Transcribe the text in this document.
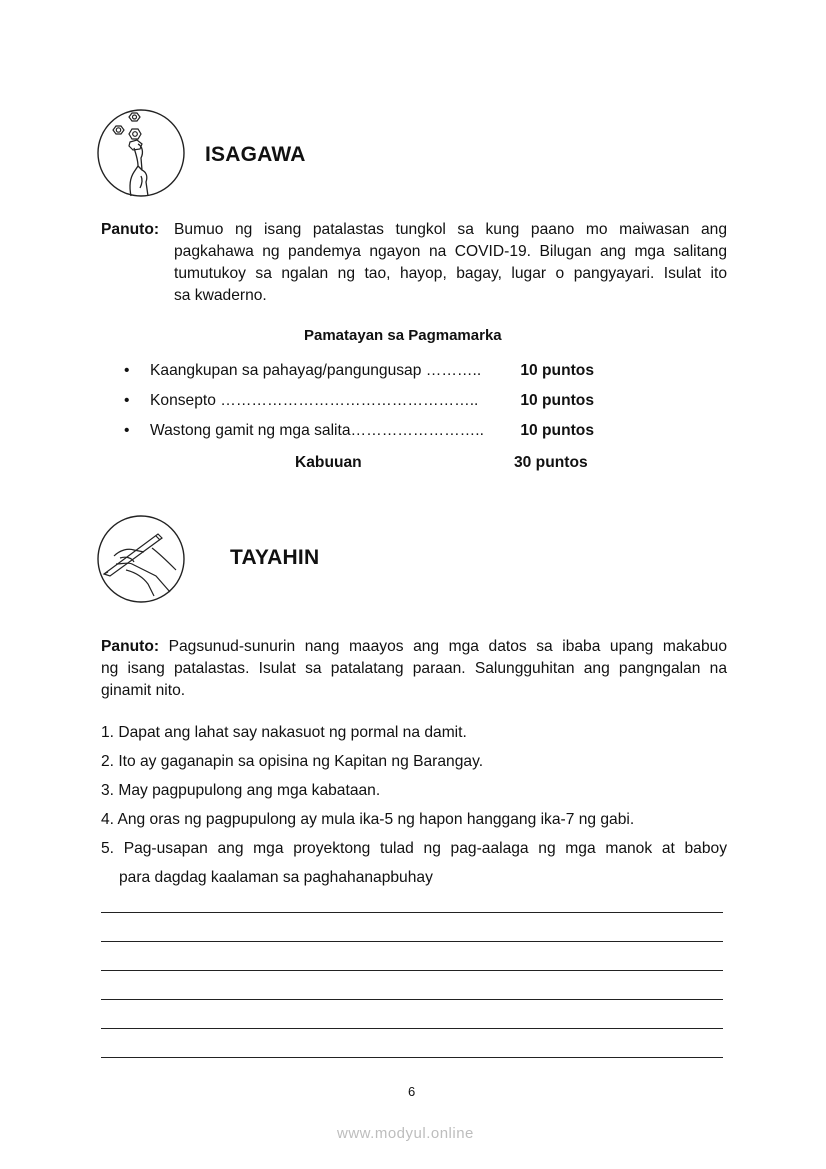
ISAGAWA
Panuto: Bumuo ng isang patalastas tungkol sa kung paano mo maiwasan ang
pagkahawa ng pandemya ngayon na COVID-19. Bilugan ang mga salitang
tumutukoy sa ngalan ng tao, hayop, bagay, lugar o pangyayari. Isulat ito
sa kwaderno.
Pamatayan sa Pagmamarka
• Kaangkupan sa pahayag/pangungusap ………..	10 puntos
• Konsepto …………………………………………..	10 puntos
• Wastong gamit ng mga salita…………………….. 10 puntos
Kabuuan	30 puntos
TAYAHIN
Panuto: Pagsunud-sunurin nang maayos ang mga datos sa ibaba upang makabuo
ng isang patalastas. Isulat sa patalatang paraan. Salungguhitan ang pangngalan na
ginamit nito.
1. Dapat ang lahat say nakasuot ng pormal na damit.
2. Ito ay gaganapin sa opisina ng Kapitan ng Barangay.
3. May pagpupulong ang mga kabataan.
4. Ang oras ng pagpupulong ay mula ika-5 ng hapon hanggang ika-7 ng gabi.
5. Pag-usapan ang mga proyektong tulad ng pag-aalaga ng mga manok at baboy
para dagdag kaalaman sa paghahanapbuhay
6
www.modyul.online
